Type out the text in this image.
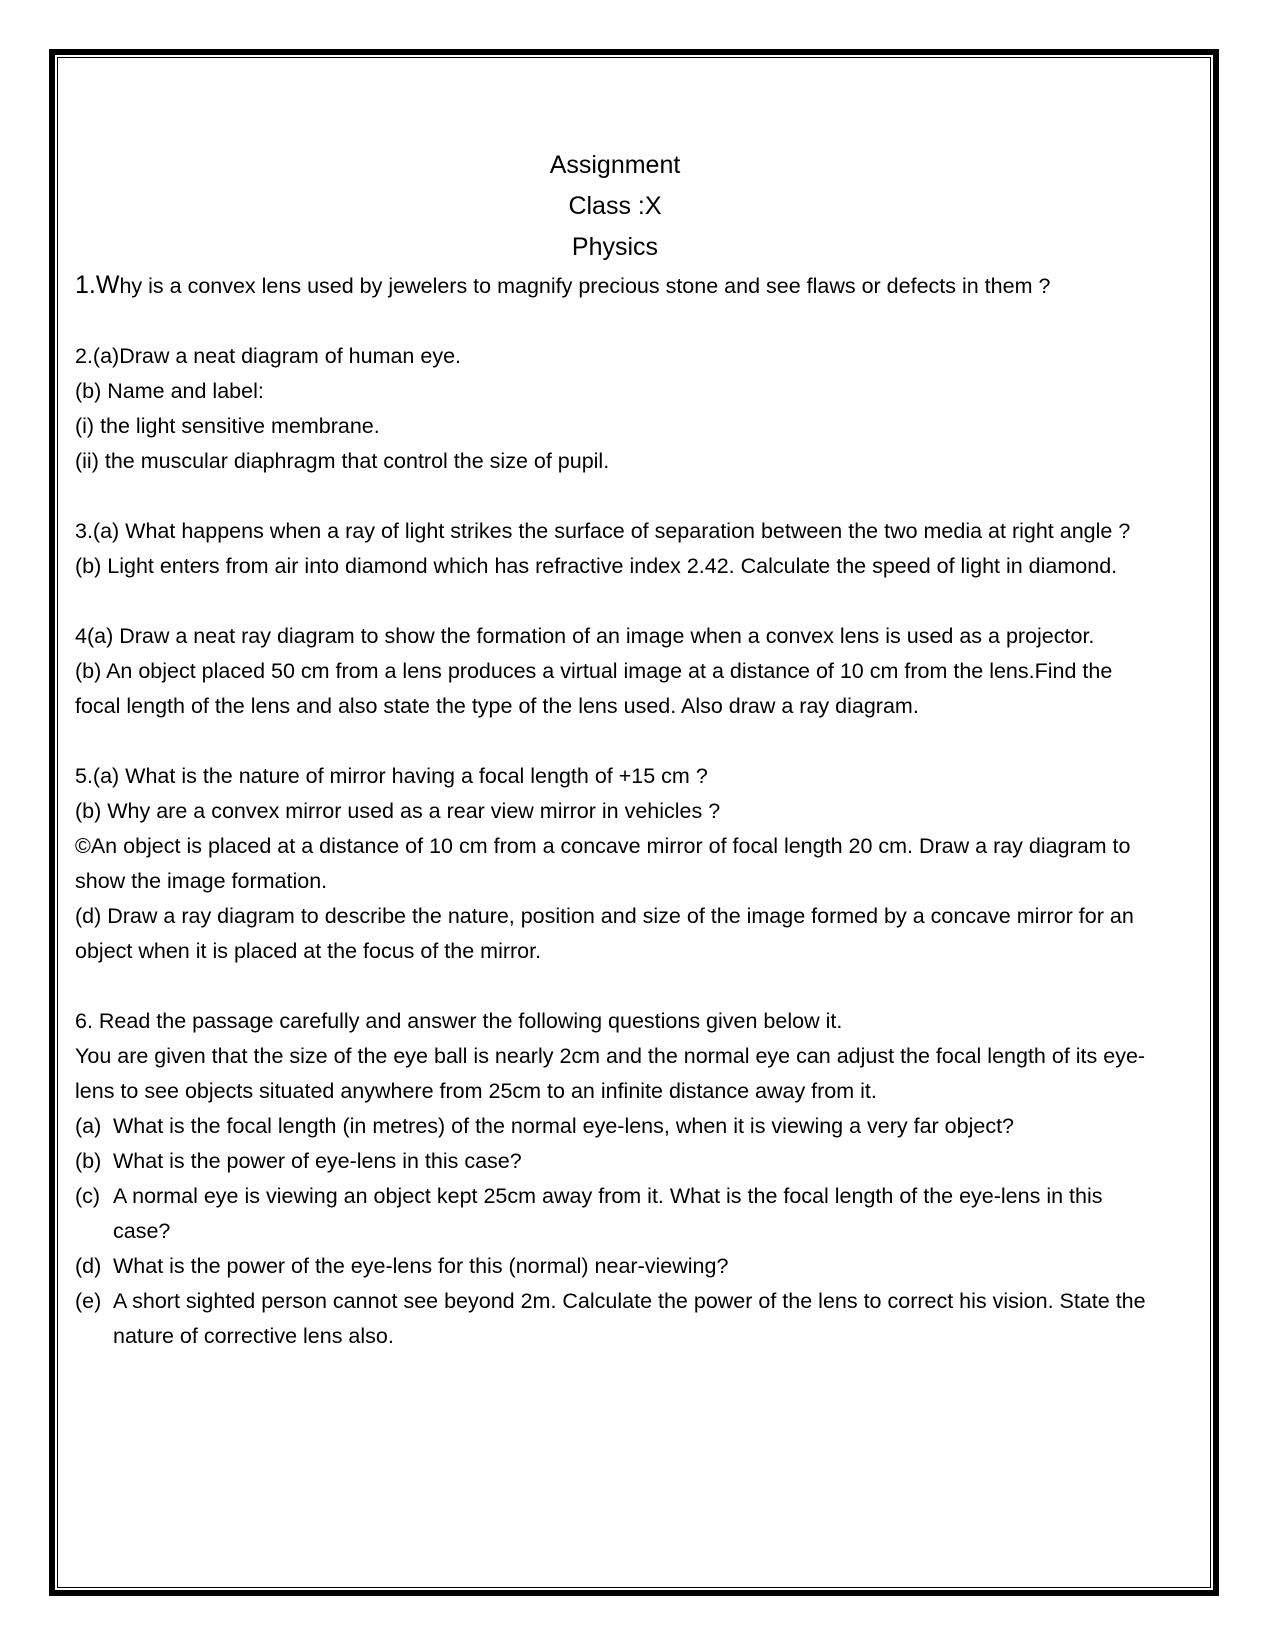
Assignment
Class :X
Physics

1.Why is a convex lens used by jewelers to magnify precious stone and see flaws or defects in them ?

2.(a)Draw a neat diagram of human eye.

(b) Name and label:

(i) the light sensitive membrane.

(ii) the muscular diaphragm that control the size of pupil.

3.(a) What happens when a ray of light strikes the surface of separation between the two media at right angle ?

(b) Light enters from air into diamond which has refractive index 2.42. Calculate the speed of light in diamond.

4(a) Draw a neat ray diagram to show the formation of an image when a convex lens is used as a projector.

(b) An object placed 50 cm from a lens produces a virtual image at a distance of 10 cm from the lens.Find the focal length of the lens and also state the type of the lens used. Also draw a ray diagram.

5.(a) What is the nature of mirror having a focal length of +15 cm ?

(b) Why are a convex mirror used as a rear view mirror in vehicles ?

©An object is placed at a distance of 10 cm from a concave mirror of focal length 20 cm. Draw a ray diagram to show the image formation.

(d) Draw a ray diagram to describe the nature, position and size of the image formed by a concave mirror for an object when it is placed at the focus of the mirror.

6. Read the passage carefully and answer the following questions given below it.

You are given that the size of the eye ball is nearly 2cm and the normal eye can adjust the focal length of its eye-lens to see objects situated anywhere from 25cm to an infinite distance away from it.

(a) What is the focal length (in metres) of the normal eye-lens, when it is viewing a very far object?
(b) What is the power of eye-lens in this case?
(c) A normal eye is viewing an object kept 25cm away from it. What is the focal length of the eye-lens in this case?
(d) What is the power of the eye-lens for this (normal) near-viewing?
(e) A short sighted person cannot see beyond 2m. Calculate the power of the lens to correct his vision. State the nature of corrective lens also.
